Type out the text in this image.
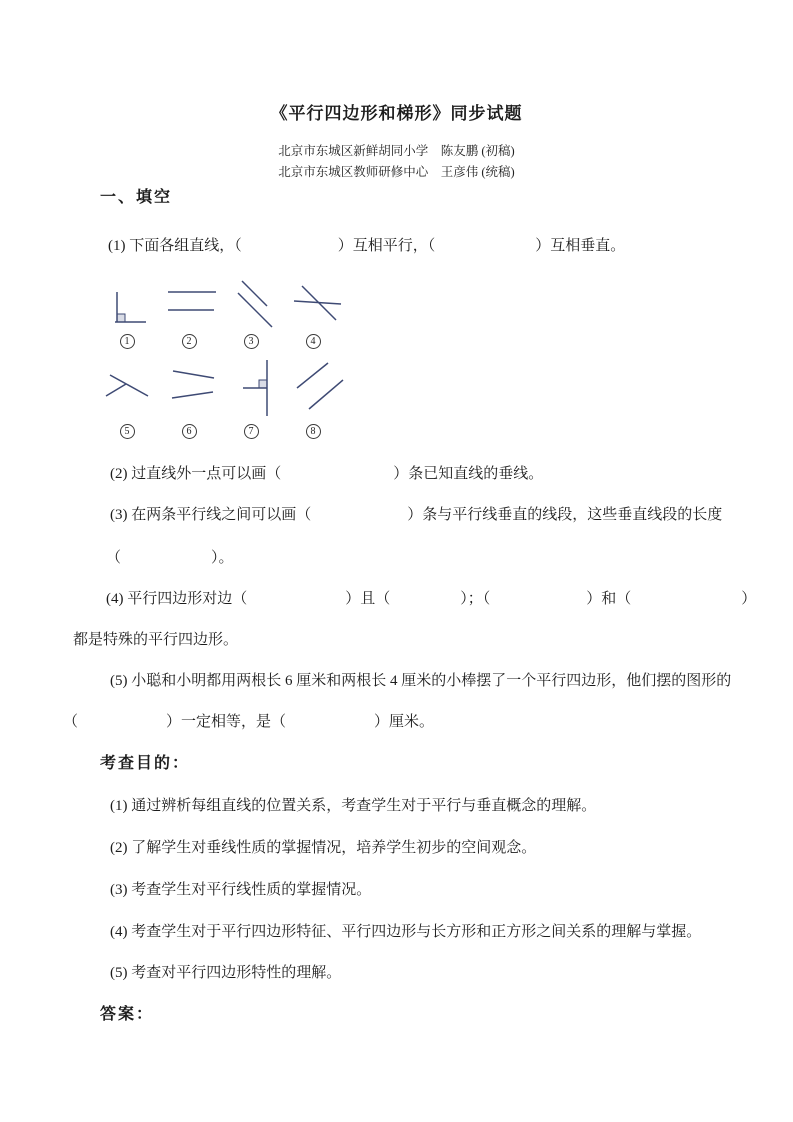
《平行四边形和梯形》同步试题
北京市东城区新鲜胡同小学　陈友鹏 (初稿)
北京市东城区教师研修中心　王彦伟 (统稿)
一、填空
(1) 下面各组直线，（	）互相平行，（	）互相垂直。
1	2	3	4
5	6	7	8
(2) 过直线外一点可以画（	）条已知直线的垂线。
(3) 在两条平行线之间可以画（	）条与平行线垂直的线段，这些垂直线段的长度
（	）。
(4) 平行四边形对边（	）且（	）；（	）和（	）
都是特殊的平行四边形。
(5) 小聪和小明都用两根长 6 厘米和两根长 4 厘米的小棒摆了一个平行四边形，他们摆的图形的
（	）一定相等，是（	）厘米。
考查目的：
(1) 通过辨析每组直线的位置关系，考查学生对于平行与垂直概念的理解。
(2) 了解学生对垂线性质的掌握情况，培养学生初步的空间观念。
(3) 考查学生对平行线性质的掌握情况。
(4) 考查学生对于平行四边形特征、平行四边形与长方形和正方形之间关系的理解与掌握。
(5) 考查对平行四边形特性的理解。
答案：
